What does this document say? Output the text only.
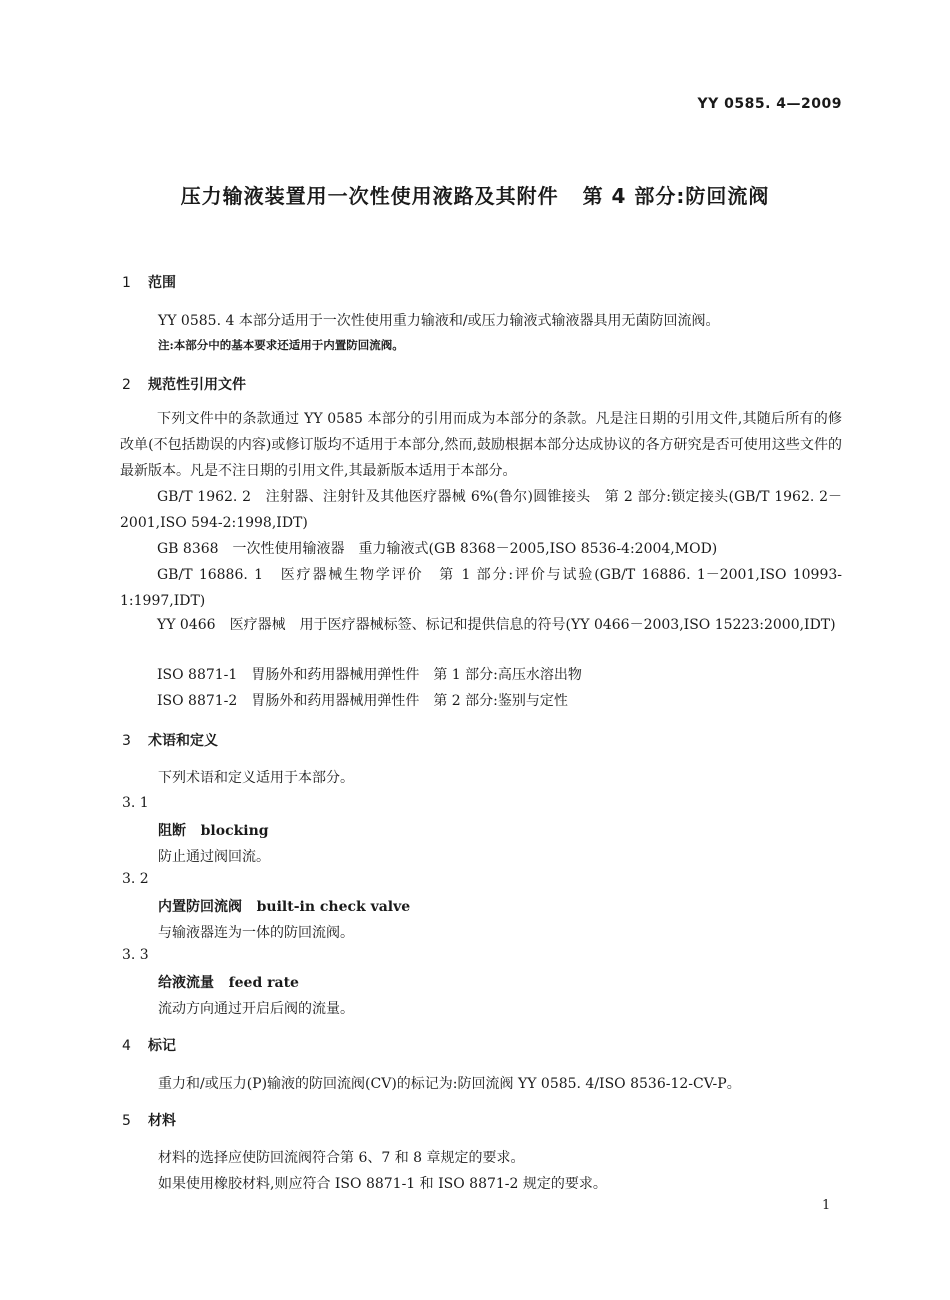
YY 0585. 4—2009
压力输液装置用一次性使用液路及其附件 第 4 部分:防回流阀
1 范围
YY 0585. 4 本部分适用于一次性使用重力输液和/或压力输液式输液器具用无菌防回流阀。
注:本部分中的基本要求还适用于内置防回流阀。
2 规范性引用文件
下列文件中的条款通过 YY 0585 本部分的引用而成为本部分的条款。凡是注日期的引用文件,其随后所有的修改单(不包括勘误的内容)或修订版均不适用于本部分,然而,鼓励根据本部分达成协议的各方研究是否可使用这些文件的最新版本。凡是不注日期的引用文件,其最新版本适用于本部分。
GB/T 1962. 2　注射器、注射针及其他医疗器械 6%(鲁尔)圆锥接头　第 2 部分:锁定接头(GB/T 1962. 2－2001,ISO 594-2:1998,IDT)
GB 8368　一次性使用输液器　重力输液式(GB 8368－2005,ISO 8536-4:2004,MOD)
GB/T 16886. 1　医疗器械生物学评价　第 1 部分:评价与试验(GB/T 16886. 1－2001,ISO 10993-1:1997,IDT)
YY 0466　医疗器械　用于医疗器械标签、标记和提供信息的符号(YY 0466－2003,ISO 15223:2000,IDT)
ISO 8871-1　胃肠外和药用器械用弹性件　第 1 部分:高压水溶出物
ISO 8871-2　胃肠外和药用器械用弹性件　第 2 部分:鉴别与定性
3 术语和定义
下列术语和定义适用于本部分。
3. 1
阻断 blocking
防止通过阀回流。
3. 2
内置防回流阀 built-in check valve
与输液器连为一体的防回流阀。
3. 3
给液流量 feed rate
流动方向通过开启后阀的流量。
4 标记
重力和/或压力(P)输液的防回流阀(CV)的标记为:防回流阀 YY 0585. 4/ISO 8536-12-CV-P。
5 材料
材料的选择应使防回流阀符合第 6、7 和 8 章规定的要求。
如果使用橡胶材料,则应符合 ISO 8871-1 和 ISO 8871-2 规定的要求。
1
